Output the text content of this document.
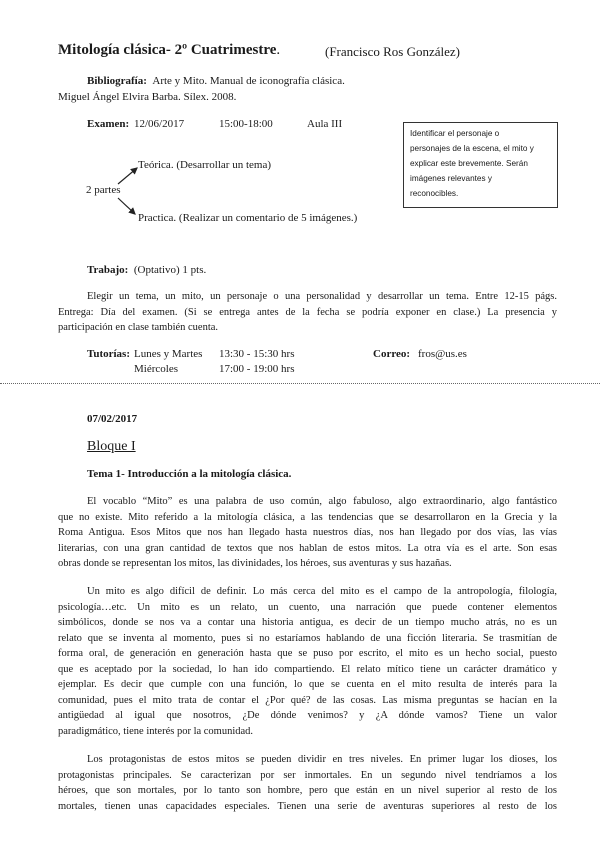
Mitología clásica- 2º Cuatrimestre.	(Francisco Ros González)
Bibliografía: Arte y Mito. Manual de iconografía clásica.
Miguel Ángel Elvira Barba. Sílex. 2008.
Examen: 12/06/2017	15:00-18:00	Aula III
Identificar el personaje o
personajes de la escena, el mito y
explicar este brevemente. Serán
imágenes relevantes y
reconocibles.
Teórica. (Desarrollar un tema)
2 partes
Practica. (Realizar un comentario de 5 imágenes.)
Trabajo: (Optativo) 1 pts.
Elegir un tema, un mito, un personaje o una personalidad y desarrollar un tema. Entre 12-15 págs.
Entrega: Día del examen. (Si se entrega antes de la fecha se podría exponer en clase.) La presencia y
participación en clase también cuenta.
Tutorías: Lunes y Martes 13:30 - 15:30 hrs	Correo: fros@us.es
Miércoles	17:00 - 19:00 hrs
07/02/2017
Bloque I
Tema 1- Introducción a la mitología clásica.
El vocablo “Mito” es una palabra de uso común, algo fabuloso, algo extraordinario, algo fantástico
que no existe. Mito referido a la mitología clásica, a las tendencias que se desarrollaron en la Grecia y la
Roma Antigua. Esos Mitos que nos han llegado hasta nuestros días, nos han llegado por dos vías, las vías
literarias, con una gran cantidad de textos que nos hablan de estos mitos. La otra vía es el arte. Son esas
obras donde se representan los mitos, las divinidades, los héroes, sus aventuras y sus hazañas.
Un mito es algo difícil de definir. Lo más cerca del mito es el campo de la antropología, filología,
psicología…etc. Un mito es un relato, un cuento, una narración que puede contener elementos
simbólicos, donde se nos va a contar una historia antigua, es decir de un tiempo mucho atrás, no es un
relato que se inventa al momento, pues si no estaríamos hablando de una ficción literaria. Se trasmitían de
forma oral, de generación en generación hasta que se puso por escrito, el mito es un hecho social, puesto
que es aceptado por la sociedad, lo han ido compartiendo. El relato mítico tiene un carácter dramático y
ejemplar. Es decir que cumple con una función, lo que se cuenta en el mito resulta de interés para la
comunidad, pues el mito trata de contar el ¿Por qué? de las cosas. Las misma preguntas se hacían en la
antigüedad al igual que nosotros, ¿De dónde venimos? y ¿A dónde vamos? Tiene un valor
paradigmático, tiene interés por la comunidad.
Los protagonistas de estos mitos se pueden dividir en tres niveles. En primer lugar los dioses, los
protagonistas principales. Se caracterizan por ser inmortales. En un segundo nivel tendríamos a los
héroes, que son mortales, por lo tanto son hombre, pero que están en un nivel superior al resto de los
mortales, tienen unas capacidades especiales. Tienen una serie de aventuras superiores al resto de los
